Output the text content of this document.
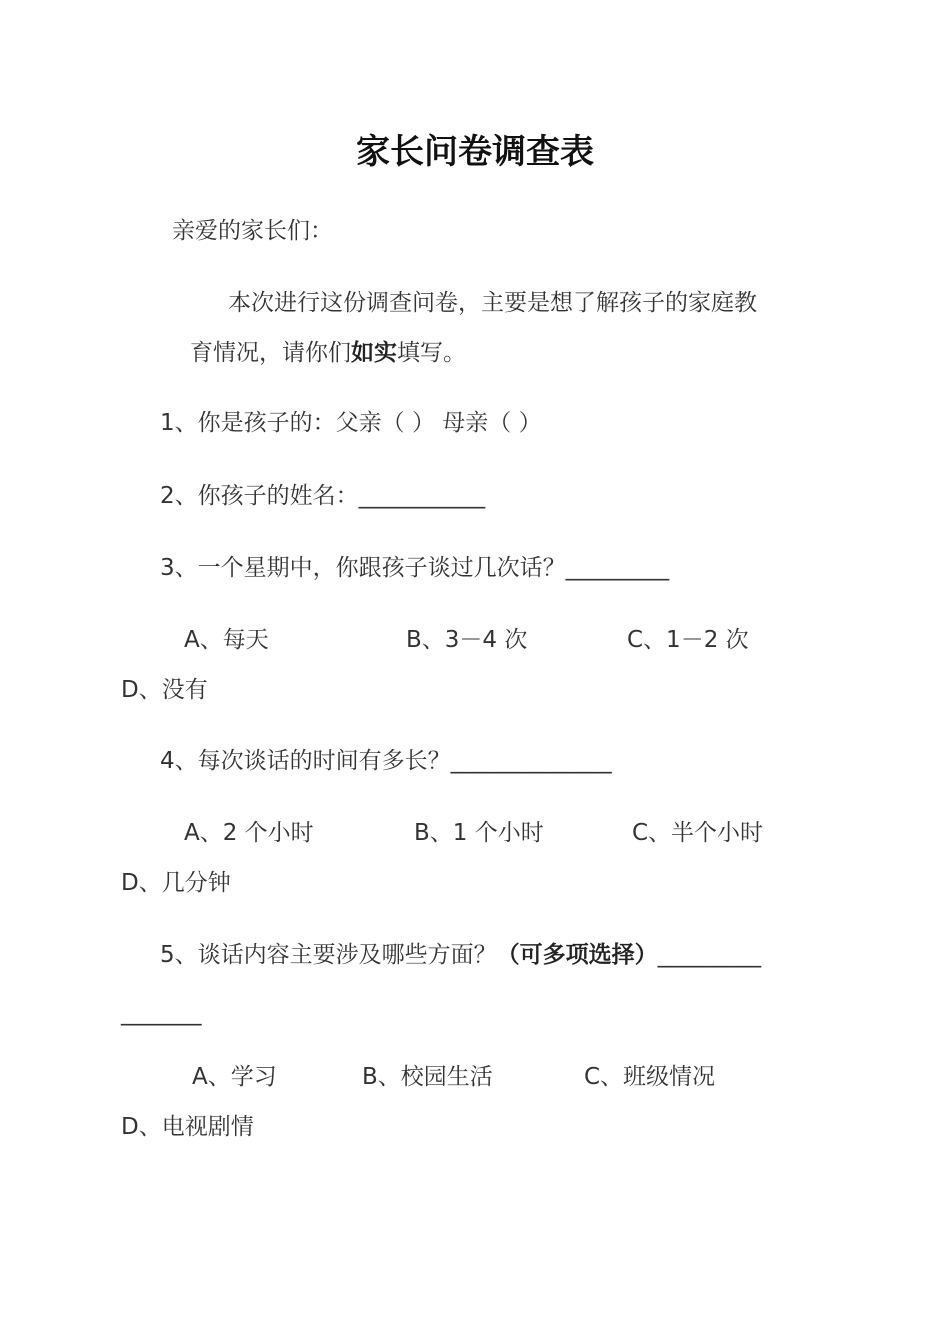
家长问卷调查表
亲爱的家长们：
本次进行这份调查问卷，主要是想了解孩子的家庭教
育情况，请你们如实填写。
1、你是孩子的：父亲（ ） 母亲（ ）
2、你孩子的姓名：___________
3、一个星期中，你跟孩子谈过几次话？_________
A、每天	B、3－4 次	C、1－2 次
D、没有
4、每次谈话的时间有多长？______________
A、2 个小时	B、1 个小时	C、半个小时
D、几分钟
5、谈话内容主要涉及哪些方面？（可多项选择）_________
_______
A、学习	B、校园生活	C、班级情况
D、电视剧情
